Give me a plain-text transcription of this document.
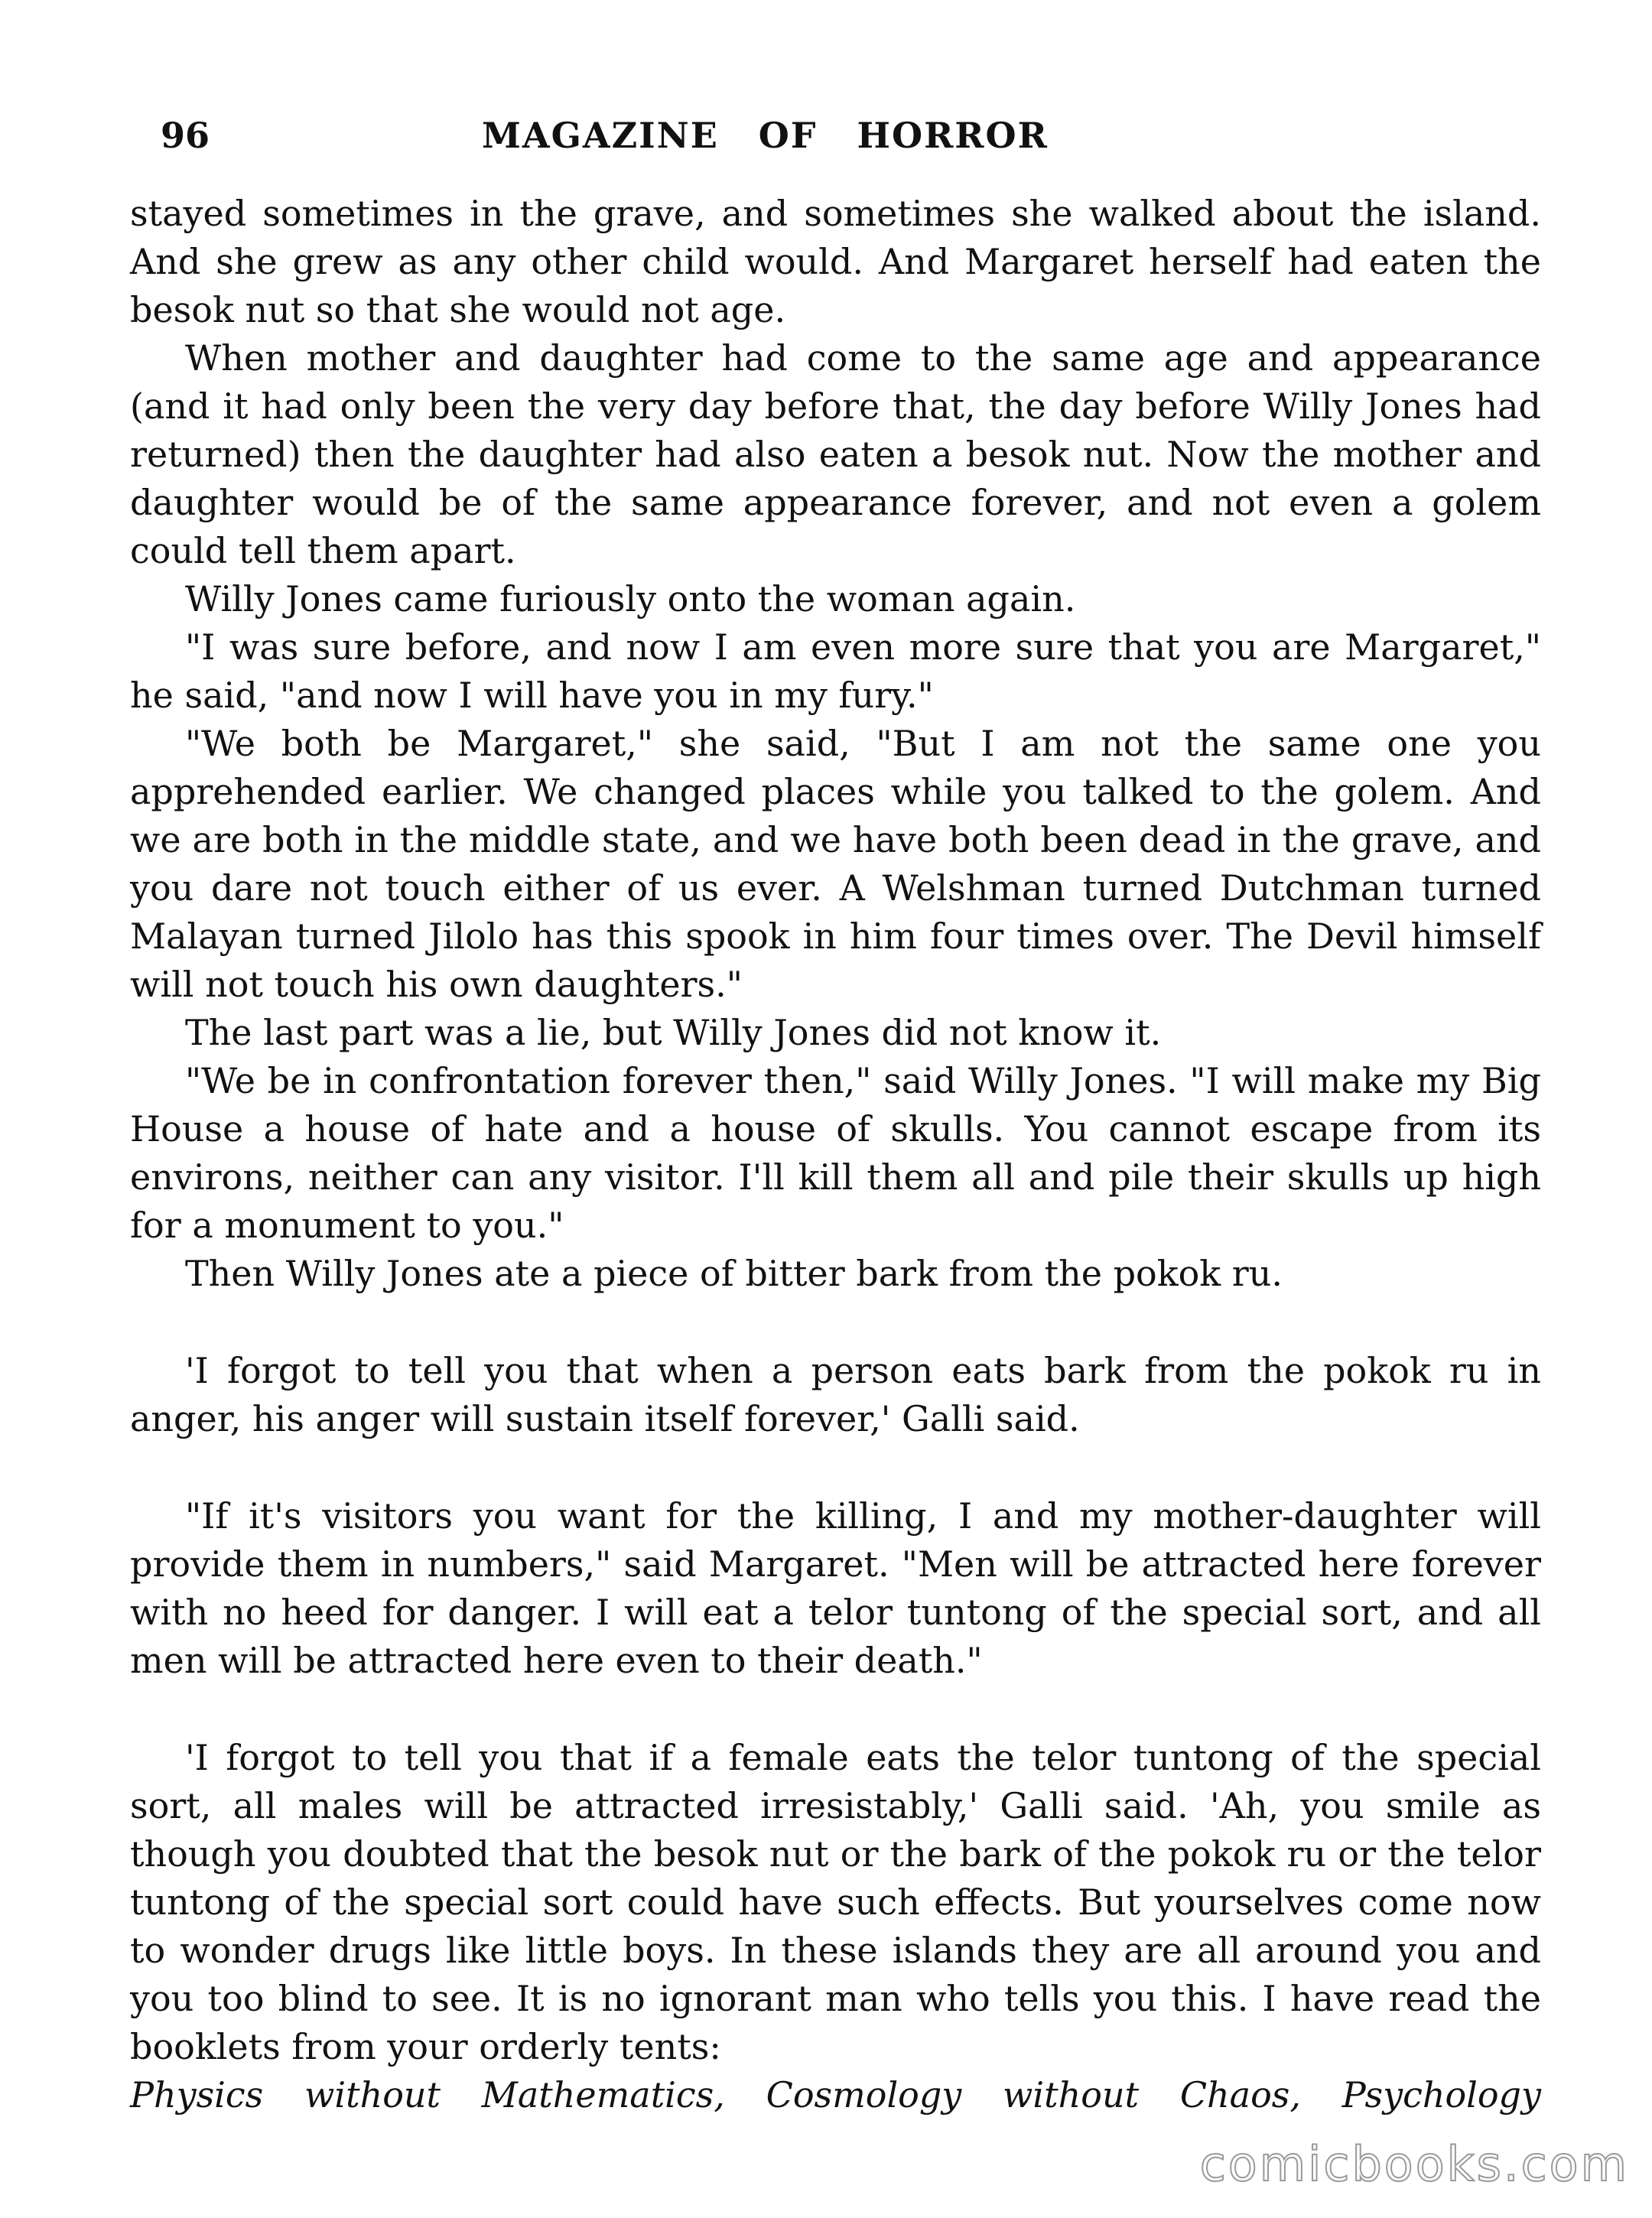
96	MAGAZINE OF HORROR

stayed sometimes in the grave, and sometimes she walked about the island. And she grew as any other child would. And Margaret herself had eaten the besok nut so that she would not age.

When mother and daughter had come to the same age and appearance (and it had only been the very day before that, the day before Willy Jones had returned) then the daughter had also eaten a besok nut. Now the mother and daughter would be of the same appearance forever, and not even a golem could tell them apart.

Willy Jones came furiously onto the woman again.

"I was sure before, and now I am even more sure that you are Margaret," he said, "and now I will have you in my fury."

"We both be Margaret," she said, "But I am not the same one you apprehended earlier. We changed places while you talked to the golem. And we are both in the middle state, and we have both been dead in the grave, and you dare not touch either of us ever. A Welshman turned Dutchman turned Malayan turned Jilolo has this spook in him four times over. The Devil himself will not touch his own daughters."

The last part was a lie, but Willy Jones did not know it.

"We be in confrontation forever then," said Willy Jones. "I will make my Big House a house of hate and a house of skulls. You cannot escape from its environs, neither can any visitor. I'll kill them all and pile their skulls up high for a monument to you."

Then Willy Jones ate a piece of bitter bark from the pokok ru.

'I forgot to tell you that when a person eats bark from the pokok ru in anger, his anger will sustain itself forever,' Galli said.

"If it's visitors you want for the killing, I and my mother-daughter will provide them in numbers," said Margaret. "Men will be attracted here forever with no heed for danger. I will eat a telor tuntong of the special sort, and all men will be attracted here even to their death."

'I forgot to tell you that if a female eats the telor tuntong of the special sort, all males will be attracted irresistably,' Galli said. 'Ah, you smile as though you doubted that the besok nut or the bark of the pokok ru or the telor tuntong of the special sort could have such effects. But yourselves come now to wonder drugs like little boys. In these islands they are all around you and you too blind to see. It is no ignorant man who tells you this. I have read the booklets from your orderly tents:

Physics without Mathematics, Cosmology without Chaos, Psychology

comicbooks.com
